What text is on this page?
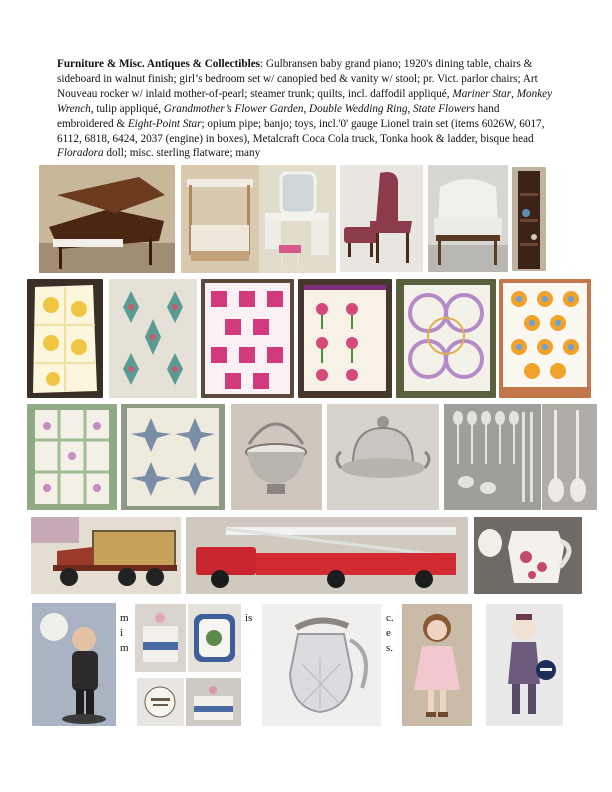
Furniture & Misc. Antiques & Collectibles: Gulbransen baby grand piano; 1920's dining table, chairs & sideboard in walnut finish; girl’s bedroom set w/ canopied bed & vanity w/ stool; pr. Vict. parlor chairs; Art Nouveau rocker w/ inlaid mother-of-pearl; steamer trunk; quilts, incl. daffodil appliqué, Mariner Star, Monkey Wrench, tulip appliqué, Grandmother’s Flower Garden, Double Wedding Ring, State Flowers hand embroidered & Eight-Point Star; opium pipe; banjo; toys, incl.'0' gauge Lionel train set (items 6026W, 6017, 6112, 6818, 6424, 2037 (engine) in boxes), Metalcraft Coca Cola truck, Tonka hook & ladder, bisque head Floradora doll; misc. sterling flatware; many

m
i
m
is	c.
e
s.
